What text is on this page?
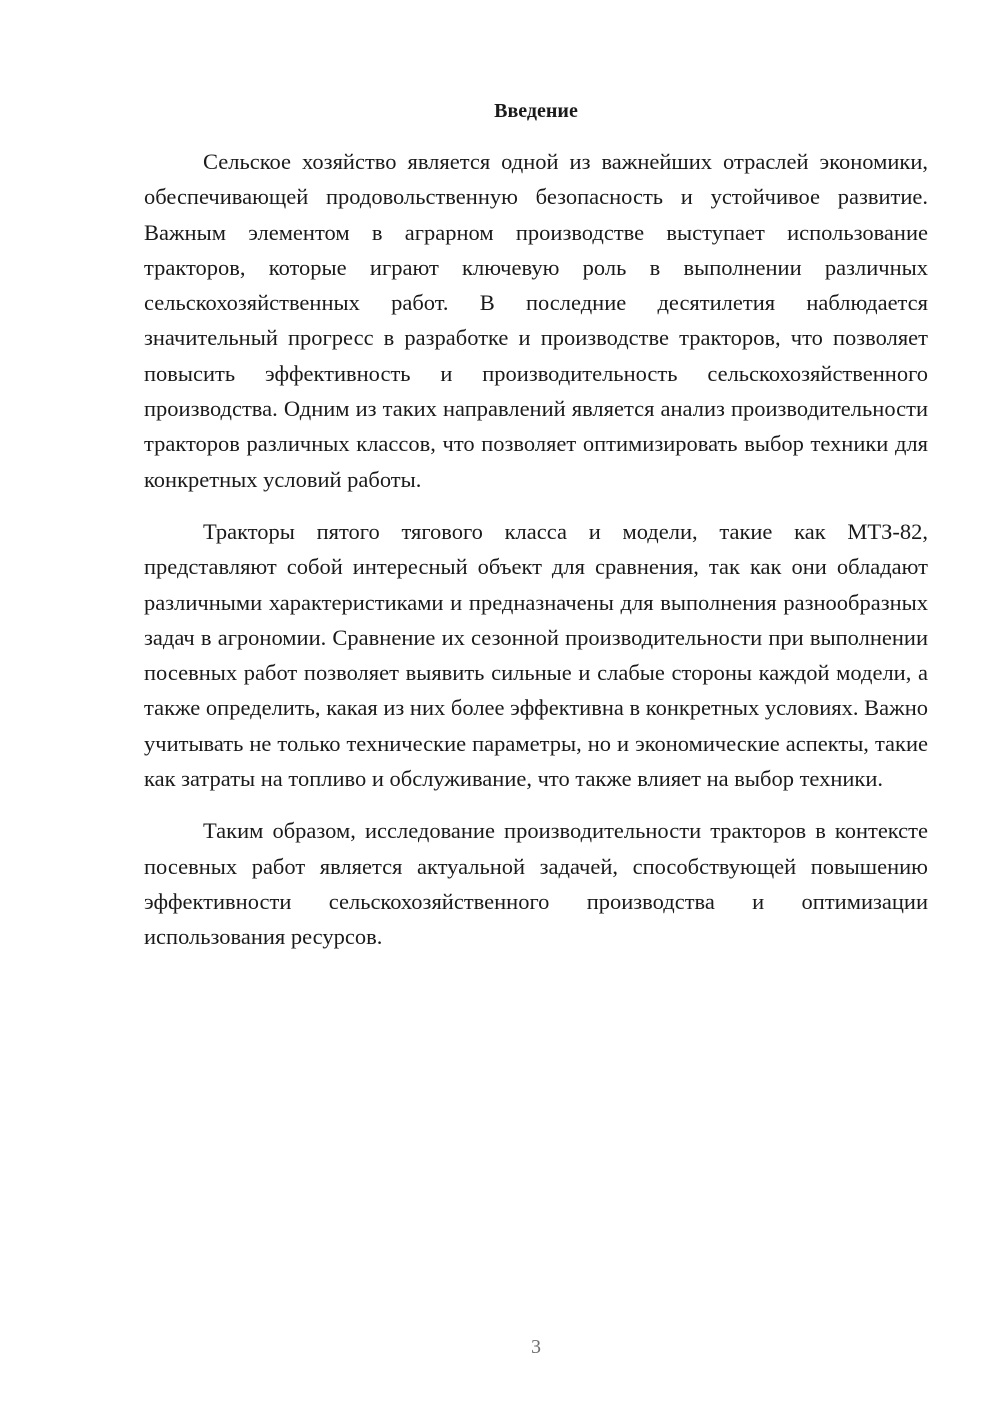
Введение

Сельское хозяйство является одной из важнейших отраслей экономики, обеспечивающей продовольственную безопасность и устойчивое развитие. Важным элементом в аграрном производстве выступает использование тракторов, которые играют ключевую роль в выполнении различных сельскохозяйственных работ. В последние десятилетия наблюдается значительный прогресс в разработке и производстве тракторов, что позволяет повысить эффективность и производительность сельскохозяйственного производства. Одним из таких направлений является анализ производительности тракторов различных классов, что позволяет оптимизировать выбор техники для конкретных условий работы.

Тракторы пятого тягового класса и модели, такие как МТЗ-82, представляют собой интересный объект для сравнения, так как они обладают различными характеристиками и предназначены для выполнения разнообразных задач в агрономии. Сравнение их сезонной производительности при выполнении посевных работ позволяет выявить сильные и слабые стороны каждой модели, а также определить, какая из них более эффективна в конкретных условиях. Важно учитывать не только технические параметры, но и экономические аспекты, такие как затраты на топливо и обслуживание, что также влияет на выбор техники.

Таким образом, исследование производительности тракторов в контексте посевных работ является актуальной задачей, способствующей повышению эффективности сельскохозяйственного производства и оптимизации использования ресурсов.

3
